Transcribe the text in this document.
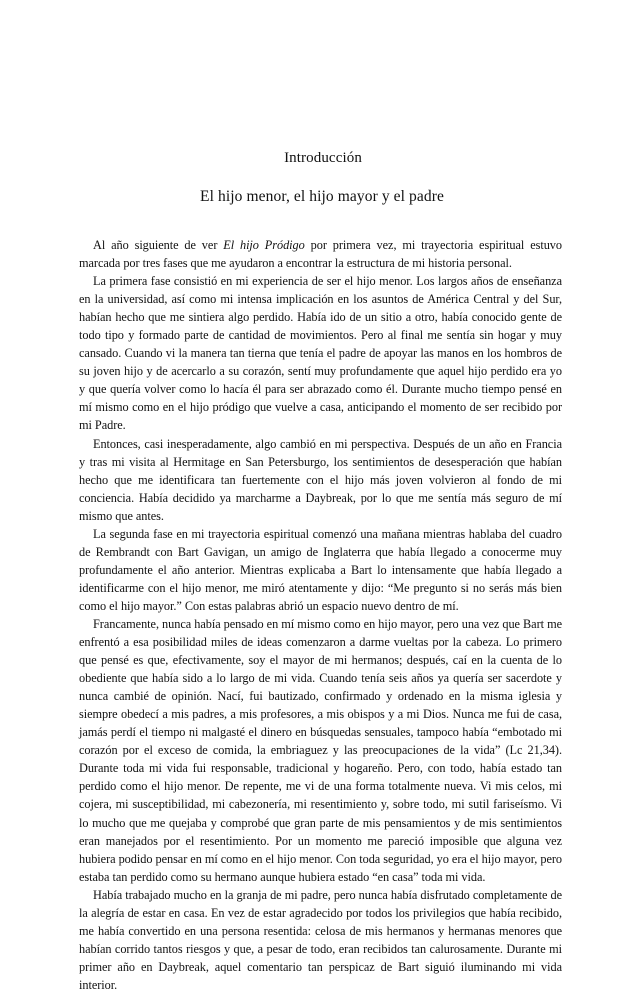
Introducción
El hijo menor, el hijo mayor y el padre

Al año siguiente de ver El hijo Pródigo por primera vez, mi trayectoria espiritual estuvo marcada por tres fases que me ayudaron a encontrar la estructura de mi historia personal.

La primera fase consistió en mi experiencia de ser el hijo menor. Los largos años de enseñanza en la universidad, así como mi intensa implicación en los asuntos de América Central y del Sur, habían hecho que me sintiera algo perdido. Había ido de un sitio a otro, había conocido gente de todo tipo y formado parte de cantidad de movimientos. Pero al final me sentía sin hogar y muy cansado. Cuando vi la manera tan tierna que tenía el padre de apoyar las manos en los hombros de su joven hijo y de acercarlo a su corazón, sentí muy profundamente que aquel hijo perdido era yo y que quería volver como lo hacía él para ser abrazado como él. Durante mucho tiempo pensé en mí mismo como en el hijo pródigo que vuelve a casa, anticipando el momento de ser recibido por mi Padre.

Entonces, casi inesperadamente, algo cambió en mi perspectiva. Después de un año en Francia y tras mi visita al Hermitage en San Petersburgo, los sentimientos de desesperación que habían hecho que me identificara tan fuertemente con el hijo más joven volvieron al fondo de mi conciencia. Había decidido ya marcharme a Daybreak, por lo que me sentía más seguro de mí mismo que antes.

La segunda fase en mi trayectoria espiritual comenzó una mañana mientras hablaba del cuadro de Rembrandt con Bart Gavigan, un amigo de Inglaterra que había llegado a conocerme muy profundamente el año anterior. Mientras explicaba a Bart lo intensamente que había llegado a identificarme con el hijo menor, me miró atentamente y dijo: “Me pregunto si no serás más bien como el hijo mayor.” Con estas palabras abrió un espacio nuevo dentro de mí.

Francamente, nunca había pensado en mí mismo como en hijo mayor, pero una vez que Bart me enfrentó a esa posibilidad miles de ideas comenzaron a darme vueltas por la cabeza. Lo primero que pensé es que, efectivamente, soy el mayor de mi hermanos; después, caí en la cuenta de lo obediente que había sido a lo largo de mi vida. Cuando tenía seis años ya quería ser sacerdote y nunca cambié de opinión. Nací, fui bautizado, confirmado y ordenado en la misma iglesia y siempre obedecí a mis padres, a mis profesores, a mis obispos y a mi Dios. Nunca me fui de casa, jamás perdí el tiempo ni malgasté el dinero en búsquedas sensuales, tampoco había “embotado mi corazón por el exceso de comida, la embriaguez y las preocupaciones de la vida” (Lc 21,34). Durante toda mi vida fui responsable, tradicional y hogareño. Pero, con todo, había estado tan perdido como el hijo menor. De repente, me vi de una forma totalmente nueva. Vi mis celos, mi cojera, mi susceptibilidad, mi cabezonería, mi resentimiento y, sobre todo, mi sutil fariseísmo. Vi lo mucho que me quejaba y comprobé que gran parte de mis pensamientos y de mis sentimientos eran manejados por el resentimiento. Por un momento me pareció imposible que alguna vez hubiera podido pensar en mí como en el hijo menor. Con toda seguridad, yo era el hijo mayor, pero estaba tan perdido como su hermano aunque hubiera estado “en casa” toda mi vida.

Había trabajado mucho en la granja de mi padre, pero nunca había disfrutado completamente de la alegría de estar en casa. En vez de estar agradecido por todos los privilegios que había recibido, me había convertido en una persona resentida: celosa de mis hermanos y hermanas menores que habían corrido tantos riesgos y que, a pesar de todo, eran recibidos tan calurosamente. Durante mi primer año en Daybreak, aquel comentario tan perspicaz de Bart siguió iluminando mi vida interior.
